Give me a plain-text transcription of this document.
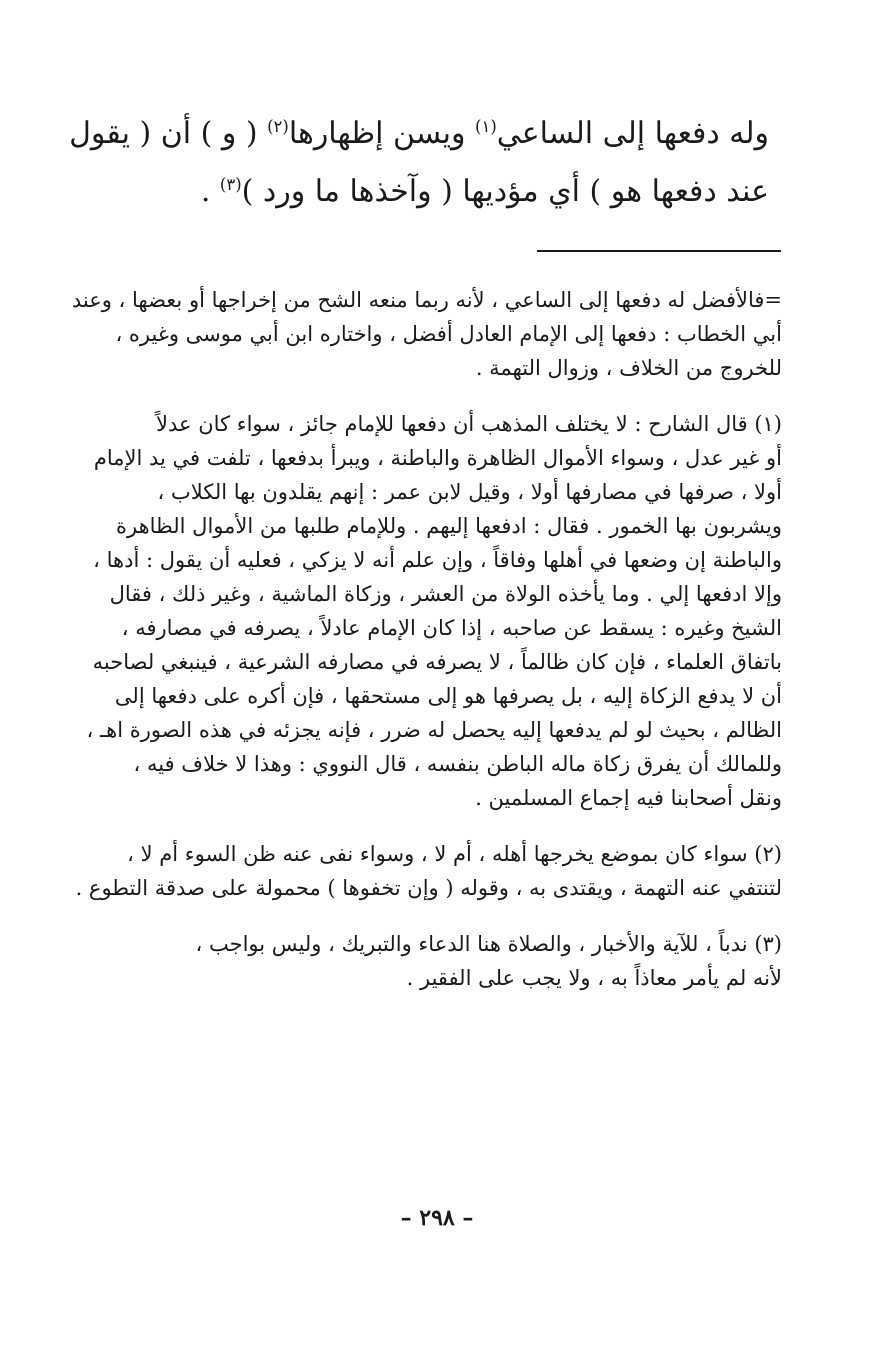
وله دفعها إلى الساعي$^{(١)}$ ويسن إظهارها$^{(٢)}$ ( و ) أن ( يقول
عند دفعها هو ) أي مؤديها ( وآخذها ما ورد )$^{(٣)}$ .

=فالأفضل له دفعها إلى الساعي ، لأنه ربما منعه الشح من إخراجها أو بعضها ، وعند
أبي الخطاب : دفعها إلى الإمام العادل أفضل ، واختاره ابن أبي موسى وغيره ،
للخروج من الخلاف ، وزوال التهمة .

(١) قال الشارح : لا يختلف المذهب أن دفعها للإمام جائز ، سواء كان عدلاً
أو غير عدل ، وسواء الأموال الظاهرة والباطنة ، ويبرأ بدفعها ، تلفت في يد الإمام
أولا ، صرفها في مصارفها أولا ، وقيل لابن عمر : إنهم يقلدون بها الكلاب ،
ويشربون بها الخمور . فقال : ادفعها إليهم . وللإمام طلبها من الأموال الظاهرة
والباطنة إن وضعها في أهلها وفاقاً ، وإن علم أنه لا يزكي ، فعليه أن يقول : أدها ،
وإلا ادفعها إلي . وما يأخذه الولاة من العشر ، وزكاة الماشية ، وغير ذلك ، فقال
الشيخ وغيره : يسقط عن صاحبه ، إذا كان الإمام عادلاً ، يصرفه في مصارفه ،
باتفاق العلماء ، فإن كان ظالماً ، لا يصرفه في مصارفه الشرعية ، فينبغي لصاحبه
أن لا يدفع الزكاة إليه ، بل يصرفها هو إلى مستحقها ، فإن أكره على دفعها إلى
الظالم ، بحيث لو لم يدفعها إليه يحصل له ضرر ، فإنه يجزئه في هذه الصورة اهـ ،
وللمالك أن يفرق زكاة ماله الباطن بنفسه ، قال النووي : وهذا لا خلاف فيه ،
ونقل أصحابنا فيه إجماع المسلمين .

(٢) سواء كان بموضع يخرجها أهله ، أم لا ، وسواء نفى عنه ظن السوء أم لا ،
لتنتفي عنه التهمة ، ويقتدى به ، وقوله ( وإن تخفوها ) محمولة على صدقة التطوع .

(٣) ندباً ، للآية والأخبار ، والصلاة هنا الدعاء والتبريك ، وليس بواجب ،
لأنه لم يأمر معاذاً به ، ولا يجب على الفقير .

– ٢٩٨ –
